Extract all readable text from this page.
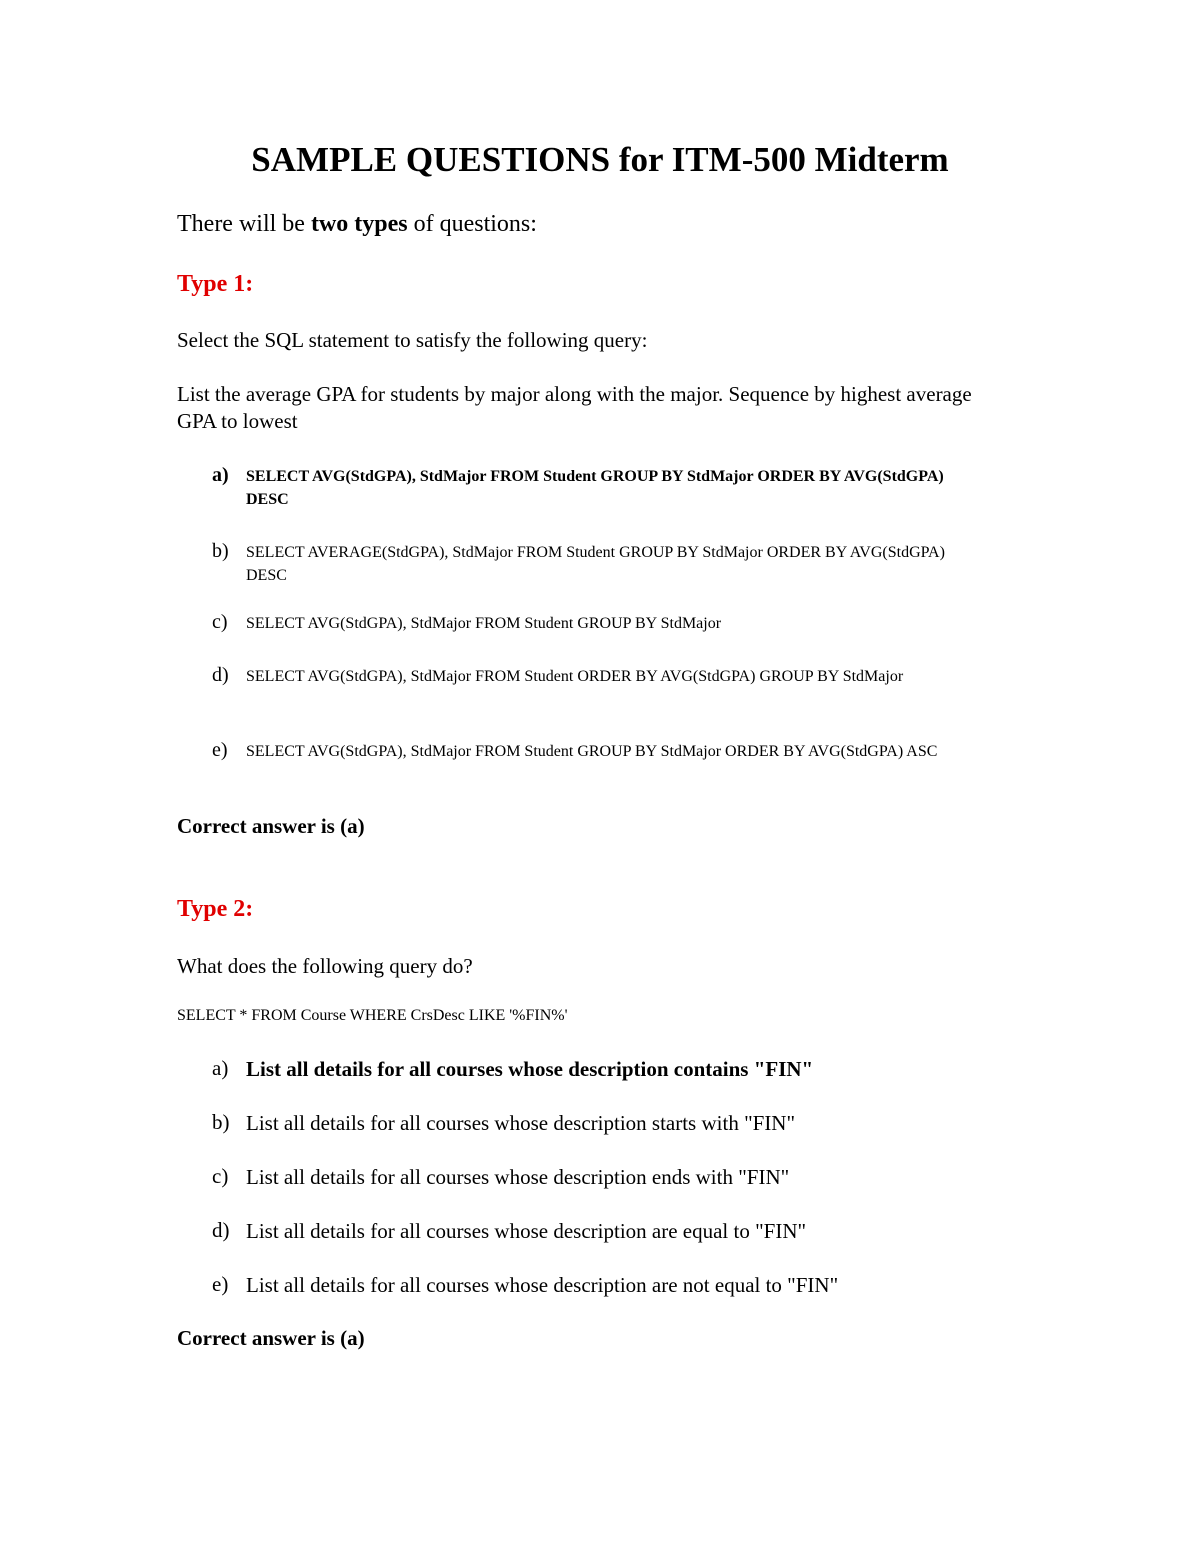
SAMPLE QUESTIONS for ITM-500 Midterm

There will be two types of questions:

Type 1:

Select the SQL statement to satisfy the following query:

List the average GPA for students by major along with the major. Sequence by highest average GPA to lowest

a) SELECT AVG(StdGPA), StdMajor FROM Student GROUP BY StdMajor ORDER BY AVG(StdGPA) DESC

b) SELECT AVERAGE(StdGPA), StdMajor FROM Student GROUP BY StdMajor ORDER BY AVG(StdGPA) DESC

c) SELECT AVG(StdGPA), StdMajor FROM Student GROUP BY StdMajor

d) SELECT AVG(StdGPA), StdMajor FROM Student ORDER BY AVG(StdGPA) GROUP BY StdMajor

e) SELECT AVG(StdGPA), StdMajor FROM Student GROUP BY StdMajor ORDER BY AVG(StdGPA) ASC

Correct answer is (a)

Type 2:

What does the following query do?

SELECT * FROM Course WHERE CrsDesc LIKE '%FIN%'

a) List all details for all courses whose description contains "FIN"

b) List all details for all courses whose description starts with "FIN"

c) List all details for all courses whose description ends with "FIN"

d) List all details for all courses whose description are equal to "FIN"

e) List all details for all courses whose description are not equal to "FIN"

Correct answer is (a)
